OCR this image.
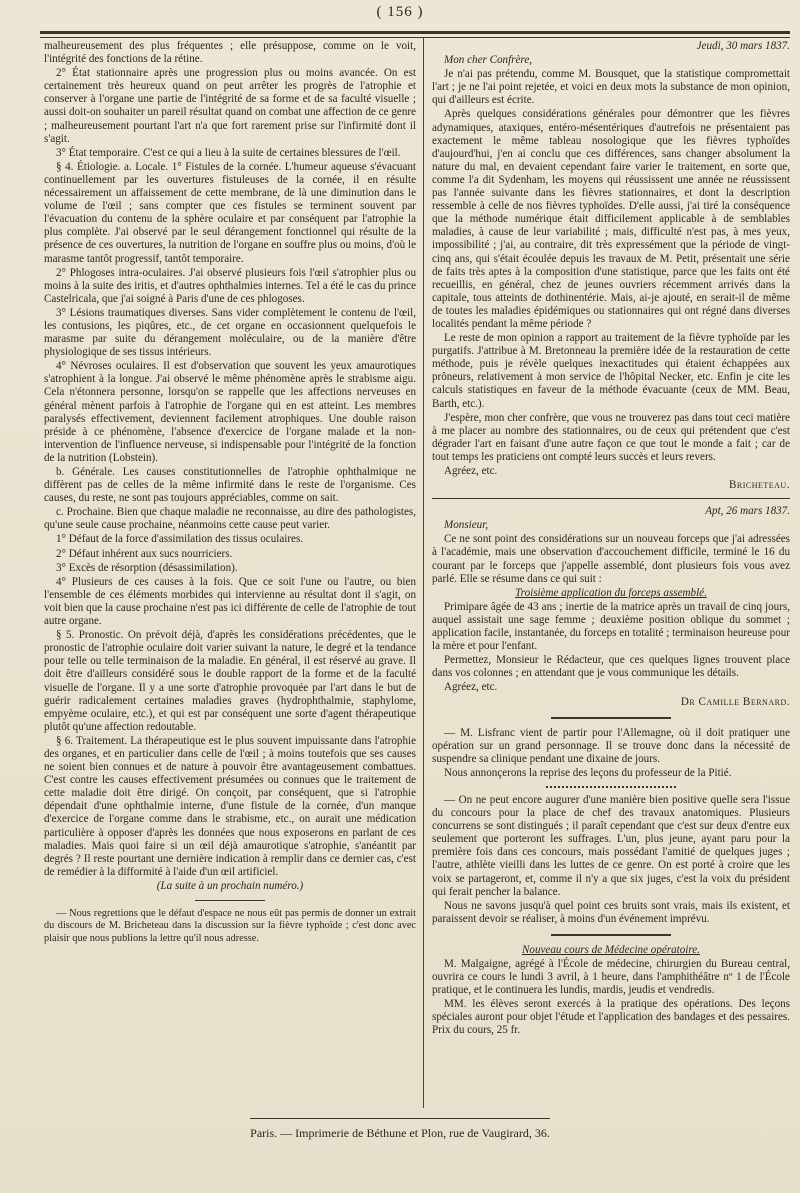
( 156 )

malheureusement des plus fréquentes ; elle présuppose, comme on le voit, l'intégrité des fonctions de la rétine.

2° État stationnaire après une progression plus ou moins avancée. On est certainement très heureux quand on peut arrêter les progrès de l'atrophie et conserver à l'organe une partie de l'intégrité de sa forme et de sa faculté visuelle ; aussi doit-on souhaiter un pareil résultat quand on combat une affection de ce genre ; malheureusement pourtant l'art n'a que fort rarement prise sur l'infirmité dont il s'agit.

3° État temporaire. C'est ce qui a lieu à la suite de certaines blessures de l'œil.

§ 4. Étiologie. a. Locale. 1° Fistules de la cornée. L'humeur aqueuse s'évacuant continuellement par les ouvertures fistuleuses de la cornée, il en résulte nécessairement un affaissement de cette membrane, de là une diminution dans le volume de l'œil ; sans compter que ces fistules se terminent souvent par l'évacuation du contenu de la sphère oculaire et par conséquent par l'atrophie la plus complète. J'ai observé par le seul dérangement fonctionnel qui résulte de la présence de ces ouvertures, la nutrition de l'organe en souffre plus ou moins, d'où le marasme tantôt progressif, tantôt temporaire.

2° Phlogoses intra-oculaires. J'ai observé plusieurs fois l'œil s'atrophier plus ou moins à la suite des iritis, et d'autres ophthalmies internes. Tel a été le cas du prince Castelricala, que j'ai soigné à Paris d'une de ces phlogoses.

3° Lésions traumatiques diverses. Sans vider complètement le contenu de l'œil, les contusions, les piqûres, etc., de cet organe en occasionnent quelquefois le marasme par suite du dérangement moléculaire, ou de la manière d'être physiologique de ses tissus intérieurs.

4° Névroses oculaires. Il est d'observation que souvent les yeux amaurotiques s'atrophient à la longue. J'ai observé le même phénomène après le strabisme aigu. Cela n'étonnera personne, lorsqu'on se rappelle que les affections nerveuses en général mènent parfois à l'atrophie de l'organe qui en est atteint. Les membres paralysés effectivement, deviennent facilement atrophiques. Une double raison préside à ce phénomène, l'absence d'exercice de l'organe malade et la non-intervention de l'influence nerveuse, si indispensable pour l'intégrité de la fonction de la nutrition (Lobstein).

b. Générale. Les causes constitutionnelles de l'atrophie ophthalmique ne diffèrent pas de celles de la même infirmité dans le reste de l'organisme. Ces causes, du reste, ne sont pas toujours appréciables, comme on sait.

c. Prochaine. Bien que chaque maladie ne reconnaisse, au dire des pathologistes, qu'une seule cause prochaine, néanmoins cette cause peut varier.

1° Défaut de la force d'assimilation des tissus oculaires.

2° Défaut inhérent aux sucs nourriciers.

3° Excès de résorption (désassimilation).

4° Plusieurs de ces causes à la fois. Que ce soit l'une ou l'autre, ou bien l'ensemble de ces éléments morbides qui intervienne au résultat dont il s'agit, on voit bien que la cause prochaine n'est pas ici différente de celle de l'atrophie de tout autre organe.

§ 5. Pronostic. On prévoit déjà, d'après les considérations précédentes, que le pronostic de l'atrophie oculaire doit varier suivant la nature, le degré et la tendance pour telle ou telle terminaison de la maladie. En général, il est réservé au grave. Il doit être d'ailleurs considéré sous le double rapport de la forme et de la faculté visuelle de l'organe. Il y a une sorte d'atrophie provoquée par l'art dans le but de guérir radicalement certaines maladies graves (hydrophthalmie, staphylome, empyème oculaire, etc.), et qui est par conséquent une sorte d'agent thérapeutique plutôt qu'une affection redoutable.

§ 6. Traitement. La thérapeutique est le plus souvent impuissante dans l'atrophie des organes, et en particulier dans celle de l'œil ; à moins toutefois que ses causes ne soient bien connues et de nature à pouvoir être avantageusement combattues. C'est contre les causes effectivement présumées ou connues que le traitement de cette maladie doit être dirigé. On conçoit, par conséquent, que si l'atrophie dépendait d'une ophthalmie interne, d'une fistule de la cornée, d'un manque d'exercice de l'organe comme dans le strabisme, etc., on aurait une médication particulière à opposer d'après les données que nous exposerons en parlant de ces maladies. Mais quoi faire si un œil déjà amaurotique s'atrophie, s'anéantit par degrés ? Il reste pourtant une dernière indication à remplir dans ce dernier cas, c'est de remédier à la difformité à l'aide d'un œil artificiel.

(La suite à un prochain numéro.)

— Nous regrettions que le défaut d'espace ne nous eût pas permis de donner un extrait du discours de M. Bricheteau dans la discussion sur la fièvre typhoïde ; c'est donc avec plaisir que nous publions la lettre qu'il nous adresse.

Jeudi, 30 mars 1837.

Mon cher Confrère,

Je n'ai pas prétendu, comme M. Bousquet, que la statistique compromettait l'art ; je ne l'ai point rejetée, et voici en deux mots la substance de mon opinion, qui d'ailleurs est écrite.

Après quelques considérations générales pour démontrer que les fièvres adynamiques, ataxiques, entéro-mésentériques d'autrefois ne présentaient pas exactement le même tableau nosologique que les fièvres typhoïdes d'aujourd'hui, j'en ai conclu que ces différences, sans changer absolument la nature du mal, en devaient cependant faire varier le traitement, en sorte que, comme l'a dit Sydenham, les moyens qui réussissent une année ne réussissent pas l'année suivante dans les fièvres stationnaires, et dont la description ressemble à celle de nos fièvres typhoïdes. D'elle aussi, j'ai tiré la conséquence que la méthode numérique était difficilement applicable à de semblables maladies, à cause de leur variabilité ; mais, difficulté n'est pas, à mes yeux, impossibilité ; j'ai, au contraire, dit très expressément que la période de vingt-cinq ans, qui s'était écoulée depuis les travaux de M. Petit, présentait une série de faits très aptes à la composition d'une statistique, parce que les faits ont été recueillis, en général, chez de jeunes ouvriers récemment arrivés dans la capitale, tous atteints de dothinentérie. Mais, ai-je ajouté, en serait-il de même de toutes les maladies épidémiques ou stationnaires qui ont régné dans diverses localités pendant la même période ?

Le reste de mon opinion a rapport au traitement de la fièvre typhoïde par les purgatifs. J'attribue à M. Bretonneau la première idée de la restauration de cette méthode, puis je révèle quelques inexactitudes qui étaient échappées aux prôneurs, relativement à mon service de l'hôpital Necker, etc. Enfin je cite les calculs statistiques en faveur de la méthode évacuante (ceux de MM. Beau, Barth, etc.).

J'espère, mon cher confrère, que vous ne trouverez pas dans tout ceci matière à me placer au nombre des stationnaires, ou de ceux qui prétendent que c'est dégrader l'art en faisant d'une autre façon ce que tout le monde a fait ; car de tout temps les praticiens ont compté leurs succès et leurs revers.

Agréez, etc.

Bricheteau.

Apt, 26 mars 1837.

Monsieur,

Ce ne sont point des considérations sur un nouveau forceps que j'ai adressées à l'académie, mais une observation d'accouchement difficile, terminé le 16 du courant par le forceps que j'appelle assemblé, dont plusieurs fois vous avez parlé. Elle se résume dans ce qui suit :

Troisième application du forceps assemblé.

Primipare âgée de 43 ans ; inertie de la matrice après un travail de cinq jours, auquel assistait une sage femme ; deuxième position oblique du sommet ; application facile, instantanée, du forceps en totalité ; terminaison heureuse pour la mère et pour l'enfant.

Permettez, Monsieur le Rédacteur, que ces quelques lignes trouvent place dans vos colonnes ; en attendant que je vous communique les détails.

Agréez, etc.

Dr Camille Bernard.

— M. Lisfranc vient de partir pour l'Allemagne, où il doit pratiquer une opération sur un grand personnage. Il se trouve donc dans la nécessité de suspendre sa clinique pendant une dixaine de jours.

Nous annonçerons la reprise des leçons du professeur de la Pitié.

— On ne peut encore augurer d'une manière bien positive quelle sera l'issue du concours pour la place de chef des travaux anatomiques. Plusieurs concurrens se sont distingués ; il paraît cependant que c'est sur deux d'entre eux seulement que porteront les suffrages. L'un, plus jeune, ayant paru pour la première fois dans ces concours, mais possédant l'amitié de quelques juges ; l'autre, athlète vieilli dans les luttes de ce genre. On est porté à croire que les voix se partageront, et, comme il n'y a que six juges, c'est la voix du président qui ferait pencher la balance.

Nous ne savons jusqu'à quel point ces bruits sont vrais, mais ils existent, et paraissent devoir se réaliser, à moins d'un événement imprévu.

Nouveau cours de Médecine opératoire.

M. Malgaigne, agrégé à l'École de médecine, chirurgien du Bureau central, ouvrira ce cours le lundi 3 avril, à 1 heure, dans l'amphithéâtre nº 1 de l'École pratique, et le continuera les lundis, mardis, jeudis et vendredis.

MM. les élèves seront exercés à la pratique des opérations. Des leçons spéciales auront pour objet l'étude et l'application des bandages et des pessaires. Prix du cours, 25 fr.

Paris. — Imprimerie de Béthune et Plon, rue de Vaugirard, 36.
